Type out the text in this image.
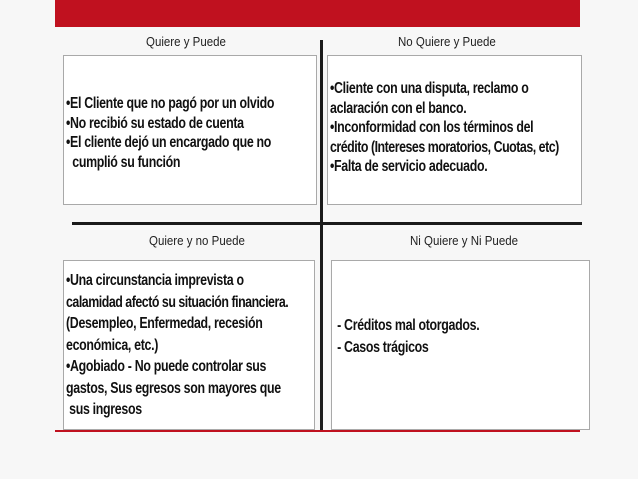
Quiere y Puede	No Quiere y Puede
Quiere y no Puede	Ni Quiere y Ni Puede
•El Cliente que no pagó por un olvido
•No recibió su estado de cuenta
•El cliente dejó un encargado que no
cumplió su función
•Cliente con una disputa, reclamo o
aclaración con el banco.
•Inconformidad con los términos del
crédito (Intereses moratorios, Cuotas, etc)
•Falta de servicio adecuado.
•Una circunstancia imprevista o
calamidad afectó su situación financiera.
(Desempleo, Enfermedad, recesión
económica, etc.)
•Agobiado - No puede controlar sus
gastos, Sus egresos son mayores que
sus ingresos
- Créditos mal otorgados.
- Casos trágicos
